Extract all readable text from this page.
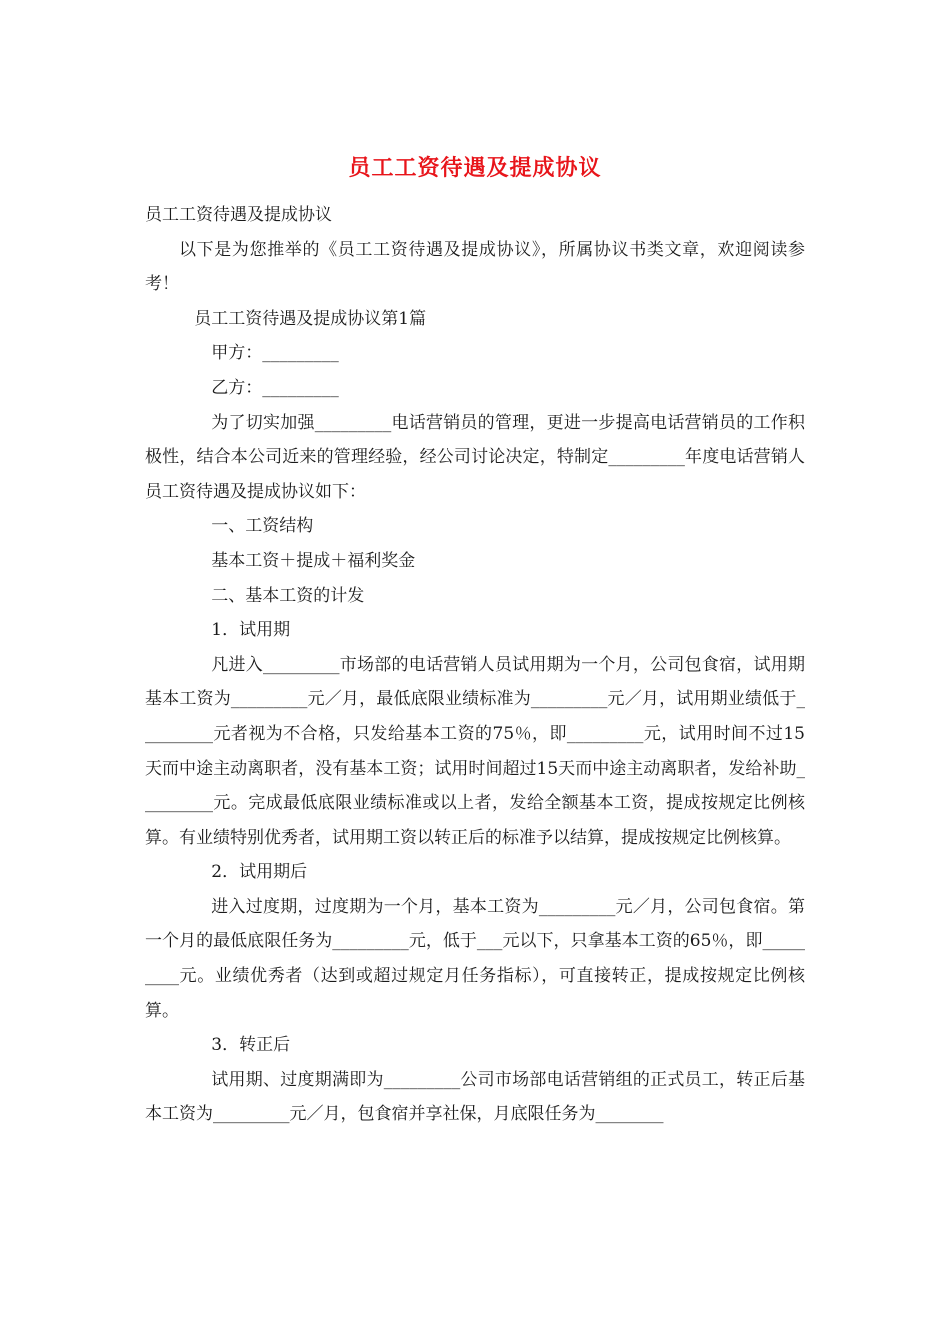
员工工资待遇及提成协议

员工工资待遇及提成协议

以下是为您推举的《员工工资待遇及提成协议》，所属协议书类文章，欢迎阅读参考！

员工工资待遇及提成协议第1篇

甲方：_________

乙方：_________

为了切实加强_________电话营销员的管理，更进一步提高电话营销员的工作积极性，结合本公司近来的管理经验，经公司讨论决定，特制定_________年度电话营销人员工资待遇及提成协议如下：

一、工资结构

基本工资＋提成＋福利奖金

二、基本工资的计发

1．试用期

凡进入_________市场部的电话营销人员试用期为一个月，公司包食宿，试用期基本工资为_________元／月，最低底限业绩标准为_________元／月，试用期业绩低于_________元者视为不合格，只发给基本工资的75％，即_________元，试用时间不过15天而中途主动离职者，没有基本工资；试用时间超过15天而中途主动离职者，发给补助_________元。完成最低底限业绩标准或以上者，发给全额基本工资，提成按规定比例核算。有业绩特别优秀者，试用期工资以转正后的标准予以结算，提成按规定比例核算。

2．试用期后

进入过度期，过度期为一个月，基本工资为_________元／月，公司包食宿。第一个月的最低底限任务为_________元，低于___元以下，只拿基本工资的65％，即_________元。业绩优秀者（达到或超过规定月任务指标），可直接转正，提成按规定比例核算。

3．转正后

试用期、过度期满即为_________公司市场部电话营销组的正式员工，转正后基本工资为_________元／月，包食宿并享社保，月底限任务为________
